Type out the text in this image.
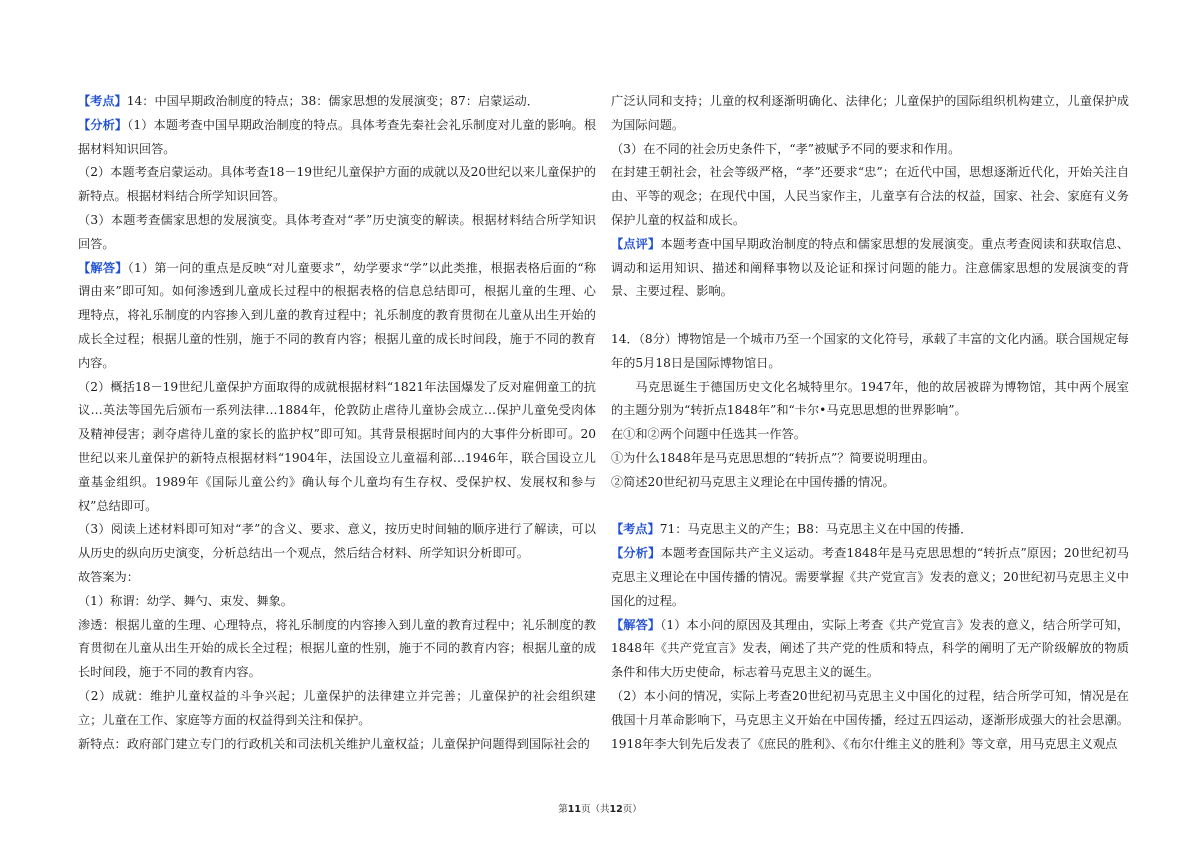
【考点】14：中国早期政治制度的特点；38：儒家思想的发展演变；87：启蒙运动．

【分析】（1）本题考查中国早期政治制度的特点。具体考查先秦社会礼乐制度对儿童的影响。根据材料知识回答。

（2）本题考查启蒙运动。具体考查18－19世纪儿童保护方面的成就以及20世纪以来儿童保护的新特点。根据材料结合所学知识回答。

（3）本题考查儒家思想的发展演变。具体考查对“孝”历史演变的解读。根据材料结合所学知识回答。

【解答】（1）第一问的重点是反映“对儿童要求”，幼学要求“学”以此类推，根据表格后面的“称谓由来”即可知。如何渗透到儿童成长过程中的根据表格的信息总结即可，根据儿童的生理、心理特点，将礼乐制度的内容掺入到儿童的教育过程中；礼乐制度的教育贯彻在儿童从出生开始的成长全过程；根据儿童的性别，施于不同的教育内容；根据儿童的成长时间段，施于不同的教育内容。

（2）概括18－19世纪儿童保护方面取得的成就根据材料“1821年法国爆发了反对雇佣童工的抗议…英法等国先后颁布一系列法律…1884年，伦敦防止虐待儿童协会成立…保护儿童免受肉体及精神侵害；剥夺虐待儿童的家长的监护权”即可知。其背景根据时间内的大事件分析即可。20世纪以来儿童保护的新特点根据材料“1904年，法国设立儿童福利部…1946年，联合国设立儿童基金组织。1989年《国际儿童公约》确认每个儿童均有生存权、受保护权、发展权和参与权”总结即可。

（3）阅读上述材料即可知对“孝”的含义、要求、意义，按历史时间轴的顺序进行了解读，可以从历史的纵向历史演变，分析总结出一个观点，然后结合材料、所学知识分析即可。

故答案为：

（1）称谓：幼学、舞勺、束发、舞象。

渗透：根据儿童的生理、心理特点，将礼乐制度的内容掺入到儿童的教育过程中；礼乐制度的教育贯彻在儿童从出生开始的成长全过程；根据儿童的性别，施于不同的教育内容；根据儿童的成长时间段，施于不同的教育内容。

（2）成就：维护儿童权益的斗争兴起；儿童保护的法律建立并完善；儿童保护的社会组织建立；儿童在工作、家庭等方面的权益得到关注和保护。

新特点：政府部门建立专门的行政机关和司法机关维护儿童权益；儿童保护问题得到国际社会的

广泛认同和支持；儿童的权利逐渐明确化、法律化；儿童保护的国际组织机构建立，儿童保护成为国际问题。

（3）在不同的社会历史条件下，“孝”被赋予不同的要求和作用。

在封建王朝社会，社会等级严格，“孝”还要求“忠”；在近代中国，思想逐渐近代化，开始关注自由、平等的观念；在现代中国，人民当家作主，儿童享有合法的权益，国家、社会、家庭有义务保护儿童的权益和成长。

【点评】本题考查中国早期政治制度的特点和儒家思想的发展演变。重点考查阅读和获取信息、调动和运用知识、描述和阐释事物以及论证和探讨问题的能力。注意儒家思想的发展演变的背景、主要过程、影响。

14．（8分）博物馆是一个城市乃至一个国家的文化符号，承载了丰富的文化内涵。联合国规定每年的5月18日是国际博物馆日。

马克思诞生于德国历史文化名城特里尔。1947年，他的故居被辟为博物馆，其中两个展室的主题分别为“转折点1848年”和“卡尔•马克思思想的世界影响”。

在①和②两个问题中任选其一作答。

①为什么1848年是马克思思想的“转折点”？简要说明理由。

②简述20世纪初马克思主义理论在中国传播的情况。

【考点】71：马克思主义的产生；B8：马克思主义在中国的传播．

【分析】本题考查国际共产主义运动。考查1848年是马克思思想的“转折点”原因；20世纪初马克思主义理论在中国传播的情况。需要掌握《共产党宣言》发表的意义；20世纪初马克思主义中国化的过程。

【解答】（1）本小问的原因及其理由，实际上考查《共产党宣言》发表的意义，结合所学可知，1848年《共产党宣言》发表，阐述了共产党的性质和特点，科学的阐明了无产阶级解放的物质条件和伟大历史使命，标志着马克思主义的诞生。

（2）本小问的情况，实际上考查20世纪初马克思主义中国化的过程，结合所学可知，情况是在俄国十月革命影响下，马克思主义开始在中国传播，经过五四运动，逐渐形成强大的社会思潮。1918年李大钊先后发表了《庶民的胜利》、《布尔什维主义的胜利》等文章，用马克思主义观点

第11页（共12页）
